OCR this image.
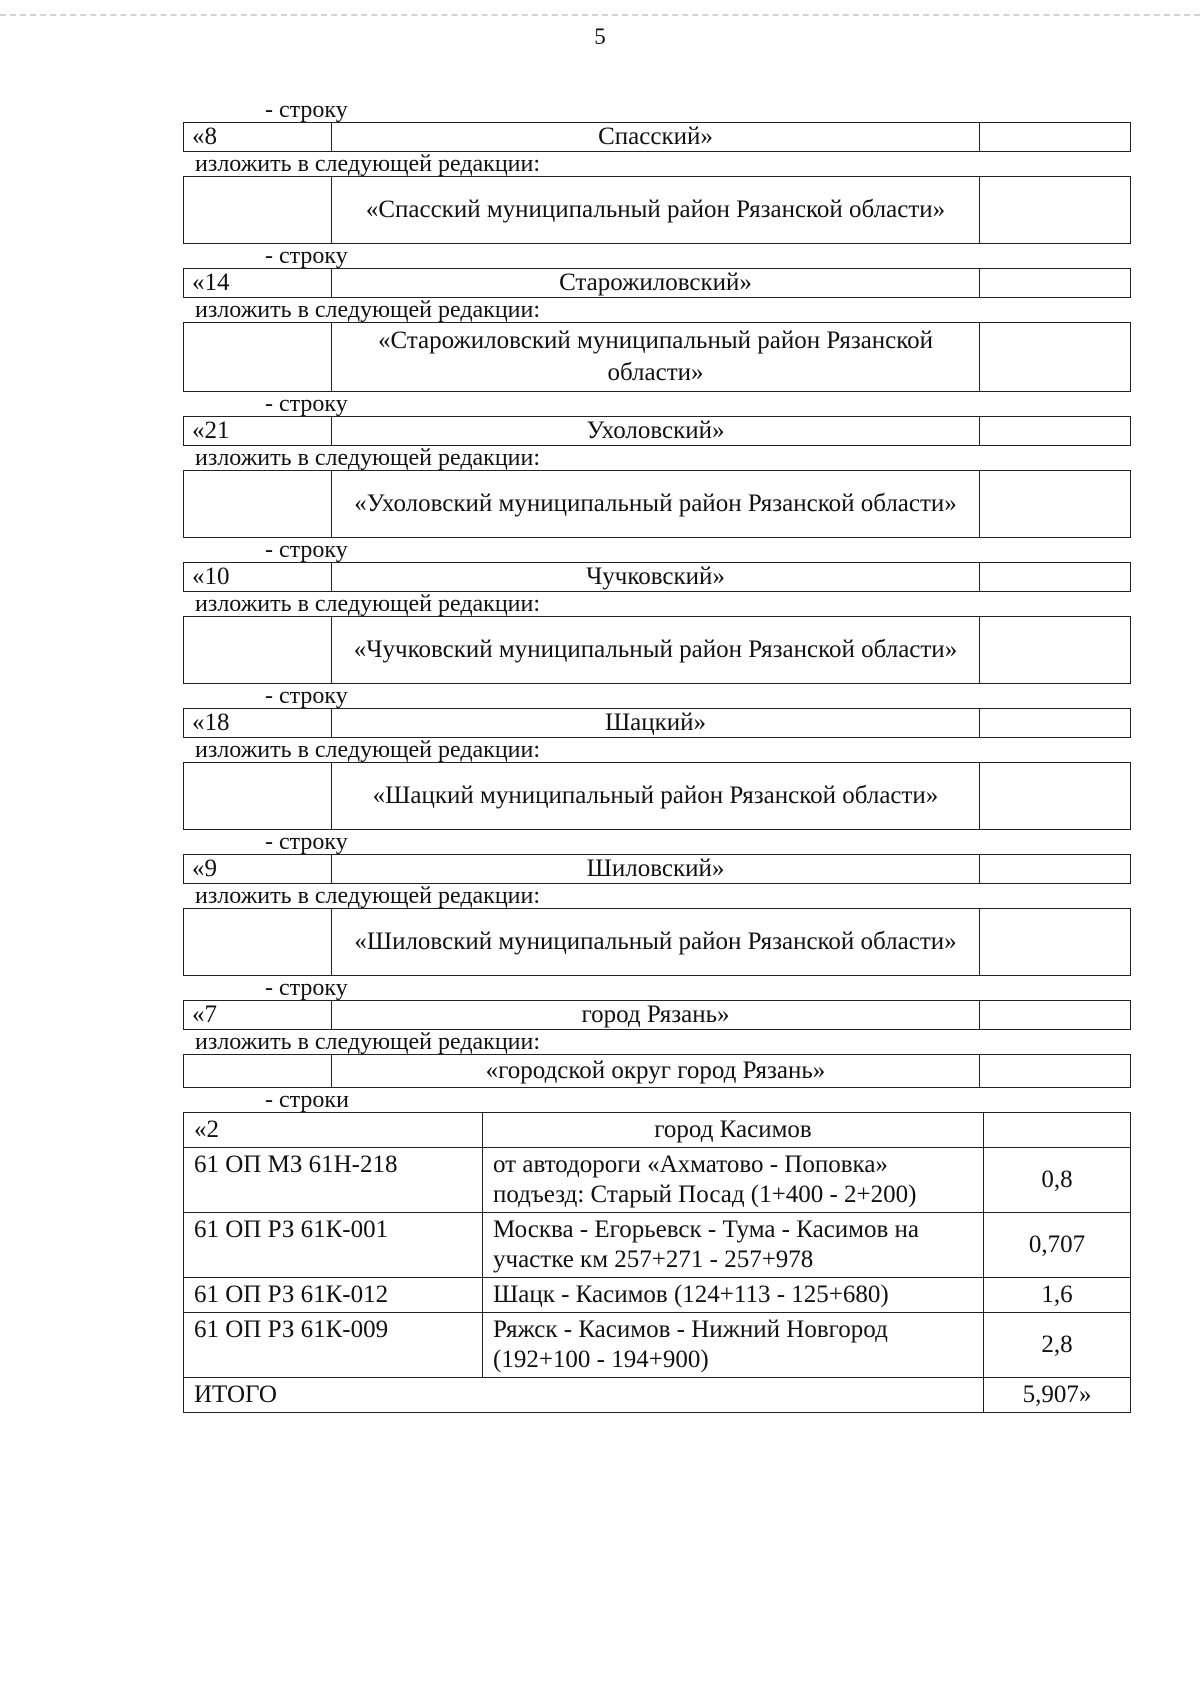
5
- строку
«8	Спасский»	
изложить в следующей редакции:
	«Спасский муниципальный район Рязанской области»	
- строку
«14	Старожиловский»	
изложить в следующей редакции:
	«Старожиловский муниципальный район Рязанской области»	
- строку
«21	Ухоловский»	
изложить в следующей редакции:
	«Ухоловский муниципальный район Рязанской области»	
- строку
«10	Чучковский»	
изложить в следующей редакции:
	«Чучковский муниципальный район Рязанской области»	
- строку
«18	Шацкий»	
изложить в следующей редакции:
	«Шацкий муниципальный район Рязанской области»	
- строку
«9	Шиловский»	
изложить в следующей редакции:
	«Шиловский муниципальный район Рязанской области»	
- строку
«7	город Рязань»	
изложить в следующей редакции:
	«городской округ город Рязань»	
- строки
«2	город Касимов	
61 ОП МЗ 61Н-218	от автодороги «Ахматово - Поповка» подъезд: Старый Посад (1+400 - 2+200)	0,8
61 ОП РЗ 61К-001	Москва - Егорьевск - Тума - Касимов на участке км 257+271 - 257+978	0,707
61 ОП РЗ 61К-012	Шацк - Касимов (124+113 - 125+680)	1,6
61 ОП РЗ 61К-009	Ряжск - Касимов - Нижний Новгород (192+100 - 194+900)	2,8
ИТОГО		5,907»
